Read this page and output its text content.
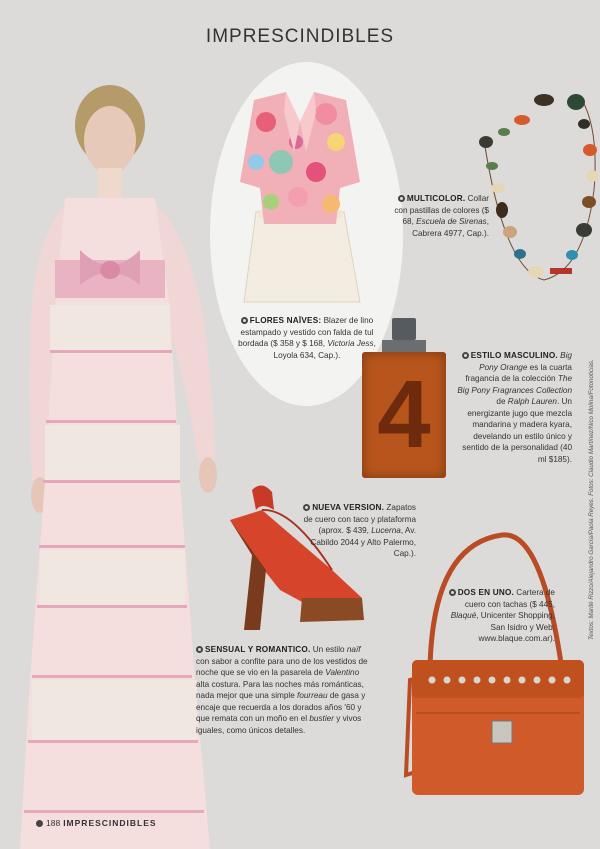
IMPRESCINDIBLES
FLORES NAÏVES: Blazer de lino estampado y vestido con falda de tul bordada ($ 358 y $ 168, Victoria Jess, Loyola 634, Cap.).
MULTICOLOR. Collar con pastillas de colores ($ 68, Escuela de Sirenas, Cabrera 4977, Cap.).
4
ESTILO MASCULINO. Big Pony Orange es la cuarta fragancia de la colección The Big Pony Fragrances Collection de Ralph Lauren. Un energizante jugo que mezcla mandarina y madera kyara, develando un estilo único y sentido de la personalidad (40 ml $185).
NUEVA VERSION. Zapatos de cuero con taco y plataforma (aprox. $ 439, Lucerna, Av. Cabildo 2044 y Alto Palermo, Cap.).
DOS EN UNO. Cartera de cuero con tachas ($ 445, Blaqué, Unicenter Shopping, San Isidro y Web: www.blaque.com.ar).
SENSUAL Y ROMANTICO. Un estilo naïf con sabor a confite para uno de los vestidos de noche que se vio en la pasarela de Valentino alta costura. Para las noches más románticas, nada mejor que una simple fourreau de gasa y encaje que recuerda a los dorados años '60 y que remata con un moño en el bustier y vivos iguales, como únicos detalles.
Textos: Marité Rizzo/Alejandro García/Paola Reyes. Fotos: Claudio Martínez/Nico Molina/Fotonoticias.
188 IMPRESCINDIBLES
